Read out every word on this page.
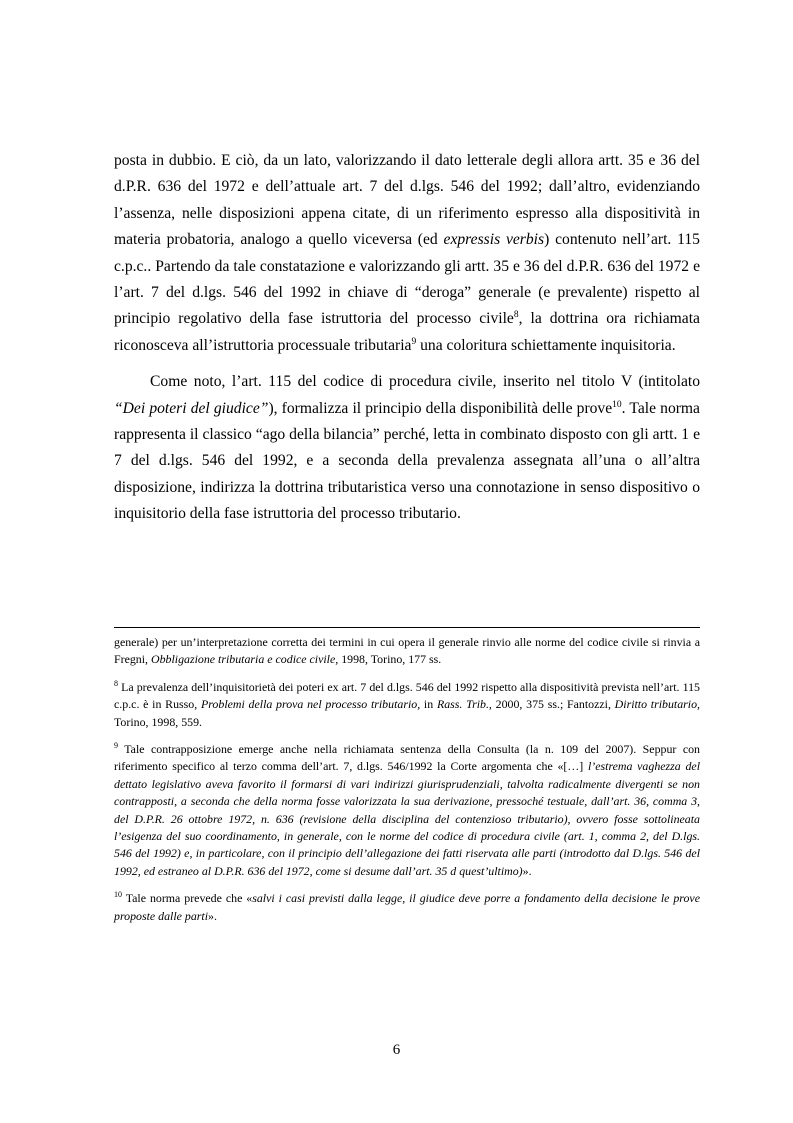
posta in dubbio. E ciò, da un lato, valorizzando il dato letterale degli allora artt. 35 e 36 del d.P.R. 636 del 1972 e dell’attuale art. 7 del d.lgs. 546 del 1992; dall’altro, evidenziando l’assenza, nelle disposizioni appena citate, di un riferimento espresso alla dispositività in materia probatoria, analogo a quello viceversa (ed expressis verbis) contenuto nell’art. 115 c.p.c.. Partendo da tale constatazione e valorizzando gli artt. 35 e 36 del d.P.R. 636 del 1972 e l’art. 7 del d.lgs. 546 del 1992 in chiave di “deroga” generale (e prevalente) rispetto al principio regolativo della fase istruttoria del processo civile$^8$, la dottrina ora richiamata riconosceva all’istruttoria processuale tributaria$^9$ una coloritura schiettamente inquisitoria.

Come noto, l’art. 115 del codice di procedura civile, inserito nel titolo V (intitolato “Dei poteri del giudice”), formalizza il principio della disponibilità delle prove$^{10}$. Tale norma rappresenta il classico “ago della bilancia” perché, letta in combinato disposto con gli artt. 1 e 7 del d.lgs. 546 del 1992, e a seconda della prevalenza assegnata all’una o all’altra disposizione, indirizza la dottrina tributaristica verso una connotazione in senso dispositivo o inquisitorio della fase istruttoria del processo tributario.

generale) per un’interpretazione corretta dei termini in cui opera il generale rinvio alle norme del codice civile si rinvia a Fregni, Obbligazione tributaria e codice civile, 1998, Torino, 177 ss.

$^8$ La prevalenza dell’inquisitorietà dei poteri ex art. 7 del d.lgs. 546 del 1992 rispetto alla dispositività prevista nell’art. 115 c.p.c. è in Russo, Problemi della prova nel processo tributario, in Rass. Trib., 2000, 375 ss.; Fantozzi, Diritto tributario, Torino, 1998, 559.

$^9$ Tale contrapposizione emerge anche nella richiamata sentenza della Consulta (la n. 109 del 2007). Seppur con riferimento specifico al terzo comma dell’art. 7, d.lgs. 546/1992 la Corte argomenta che «[…] l’estrema vaghezza del dettato legislativo aveva favorito il formarsi di vari indirizzi giurisprudenziali, talvolta radicalmente divergenti se non contrapposti, a seconda che della norma fosse valorizzata la sua derivazione, pressoché testuale, dall’art. 36, comma 3, del D.P.R. 26 ottobre 1972, n. 636 (revisione della disciplina del contenzioso tributario), ovvero fosse sottolineata l’esigenza del suo coordinamento, in generale, con le norme del codice di procedura civile (art. 1, comma 2, del D.lgs. 546 del 1992) e, in particolare, con il principio dell’allegazione dei fatti riservata alle parti (introdotto dal D.lgs. 546 del 1992, ed estraneo al D.P.R. 636 del 1972, come si desume dall’art. 35 d quest’ultimo)».

$^{10}$ Tale norma prevede che «salvi i casi previsti dalla legge, il giudice deve porre a fondamento della decisione le prove proposte dalle parti».

6
